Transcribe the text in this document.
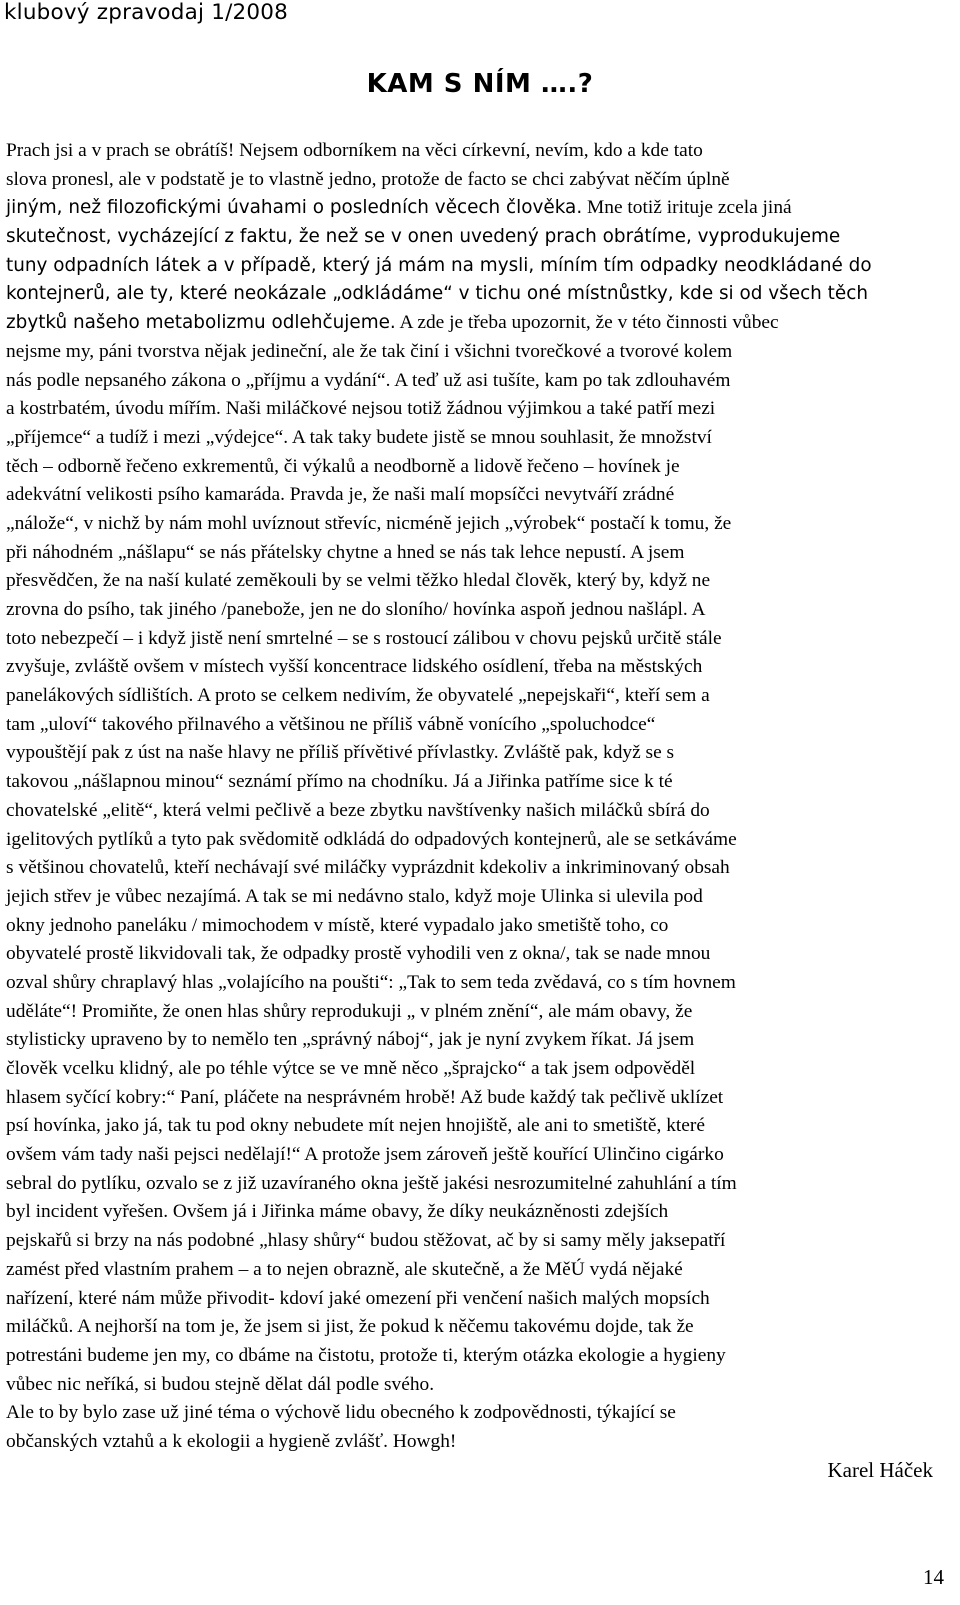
klubový zpravodaj 1/2008
KAM S NÍM ….?
Prach jsi a v prach se obrátíš! Nejsem odborníkem na věci církevní, nevím, kdo a kde tato
slova pronesl, ale v podstatě je to vlastně jedno, protože de facto se chci zabývat něčím úplně
jiným, než filozofickými úvahami o posledních věcech člověka. Mne totiž irituje zcela jiná
skutečnost, vycházející z faktu, že než se v onen uvedený prach obrátíme, vyprodukujeme
tuny odpadních látek a v případě, který já mám na mysli, míním tím odpadky neodkládané do
kontejnerů, ale ty, které neokázale „odkládáme“ v tichu oné místnůstky, kde si od všech těch
zbytků našeho metabolizmu odlehčujeme. A zde je třeba upozornit, že v této činnosti vůbec
nejsme my, páni tvorstva nějak jedineční, ale že tak činí i všichni tvorečkové a tvorové kolem
nás podle nepsaného zákona o „příjmu a vydání“. A teď už asi tušíte, kam po tak zdlouhavém
a kostrbatém, úvodu mířím. Naši miláčkové nejsou totiž žádnou výjimkou a také patří mezi
„příjemce“ a tudíž i mezi „výdejce“. A tak taky budete jistě se mnou souhlasit, že množství
těch – odborně řečeno exkrementů, či výkalů a neodborně a lidově řečeno – hovínek je
adekvátní velikosti psího kamaráda. Pravda je, že naši malí mopsíčci nevytváří zrádné
„nálože“, v nichž by nám mohl uvíznout střevíc, nicméně jejich „výrobek“ postačí k tomu, že
při náhodném „nášlapu“ se nás přátelsky chytne a hned se nás tak lehce nepustí. A jsem
přesvědčen, že na naší kulaté zeměkouli by se velmi těžko hledal člověk, který by, když ne
zrovna do psího, tak jiného /panebože, jen ne do sloního/ hovínka aspoň jednou našlápl. A
toto nebezpečí – i když jistě není smrtelné – se s rostoucí zálibou v chovu pejsků určitě stále
zvyšuje, zvláště ovšem v místech vyšší koncentrace lidského osídlení, třeba na městských
panelákových sídlištích. A proto se celkem nedivím, že obyvatelé „nepejskaři“, kteří sem a
tam „uloví“ takového přilnavého a většinou ne příliš vábně vonícího „spoluchodce“
vypouštějí pak z úst na naše hlavy ne příliš přívětivé přívlastky. Zvláště pak, když se s
takovou „nášlapnou minou“ seznámí přímo na chodníku. Já a Jiřinka patříme sice k té
chovatelské „elitě“, která velmi pečlivě a beze zbytku navštívenky našich miláčků sbírá do
igelitových pytlíků a tyto pak svědomitě odkládá do odpadových kontejnerů, ale se setkáváme
s většinou chovatelů, kteří nechávají své miláčky vyprázdnit kdekoliv a inkriminovaný obsah
jejich střev je vůbec nezajímá. A tak se mi nedávno stalo, když moje Ulinka si ulevila pod
okny jednoho paneláku / mimochodem v místě, které vypadalo jako smetiště toho, co
obyvatelé prostě likvidovali tak, že odpadky prostě vyhodili ven z okna/, tak se nade mnou
ozval shůry chraplavý hlas „volajícího na poušti“: „Tak to sem teda zvědavá, co s tím hovnem
uděláte“! Promiňte, že onen hlas shůry reprodukuji „ v plném znění“, ale mám obavy, že
stylisticky upraveno by to nemělo ten „správný náboj“, jak je nyní zvykem říkat. Já jsem
člověk vcelku klidný, ale po téhle výtce se ve mně něco „šprajcko“ a tak jsem odpověděl
hlasem syčící kobry:“ Paní, pláčete na nesprávném hrobě! Až bude každý tak pečlivě uklízet
psí hovínka, jako já, tak tu pod okny nebudete mít nejen hnojiště, ale ani to smetiště, které
ovšem vám tady naši pejsci nedělají!“ A protože jsem zároveň ještě kouřící Ulinčino cigárko
sebral do pytlíku, ozvalo se z již uzavíraného okna ještě jakési nesrozumitelné zahuhlání a tím
byl incident vyřešen. Ovšem já i Jiřinka máme obavy, že díky neukázněnosti zdejších
pejskařů si brzy na nás podobné „hlasy shůry“ budou stěžovat, ač by si samy měly jaksepatří
zamést před vlastním prahem – a to nejen obrazně, ale skutečně, a že MěÚ vydá nějaké
nařízení, které nám může přivodit- kdoví jaké omezení při venčení našich malých mopsích
miláčků. A nejhorší na tom je, že jsem si jist, že pokud k něčemu takovému dojde, tak že
potrestáni budeme jen my, co dbáme na čistotu, protože ti, kterým otázka ekologie a hygieny
vůbec nic neříká, si budou stejně dělat dál podle svého.
Ale to by bylo zase už jiné téma o výchově lidu obecného k zodpovědnosti, týkající se
občanských vztahů a k ekologii a hygieně zvlášť. Howgh!
Karel Háček
14
